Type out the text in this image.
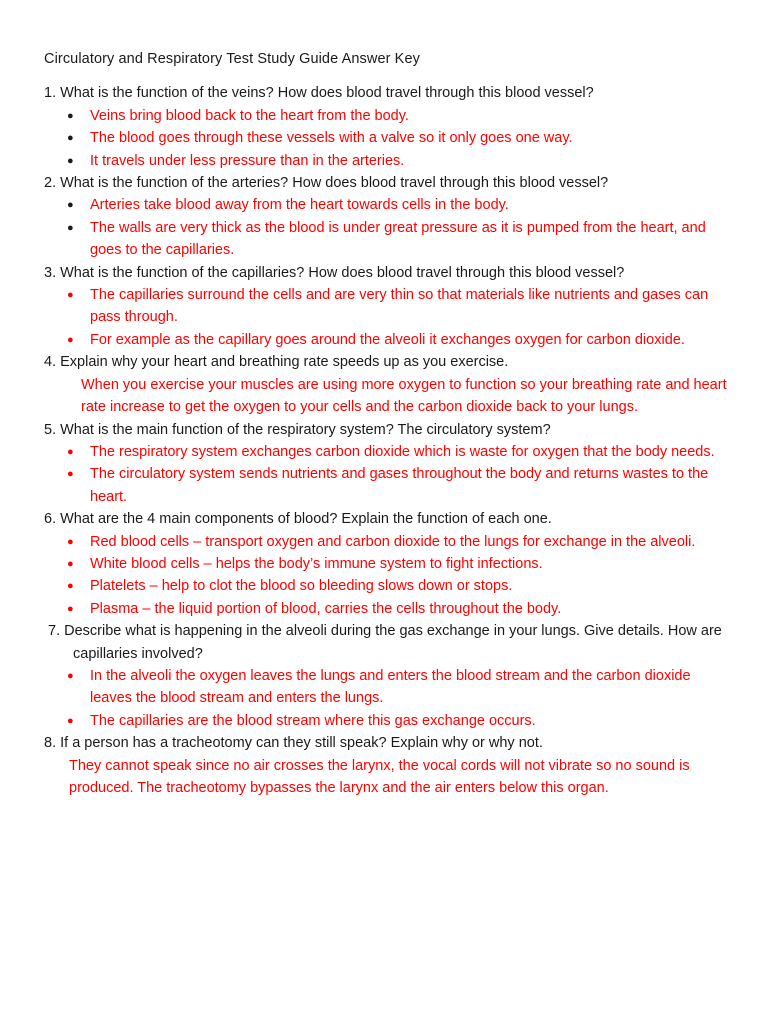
Circulatory and Respiratory Test Study Guide Answer Key

1. What is the function of the veins? How does blood travel through this blood vessel?

● Veins bring blood back to the heart from the body.
● The blood goes through these vessels with a valve so it only goes one way.
● It travels under less pressure than in the arteries.

2. What is the function of the arteries? How does blood travel through this blood vessel?

● Arteries take blood away from the heart towards cells in the body.
● The walls are very thick as the blood is under great pressure as it is pumped from the heart, and goes to the capillaries.

3. What is the function of the capillaries? How does blood travel through this blood vessel?

● The capillaries surround the cells and are very thin so that materials like nutrients and gases can pass through.
● For example as the capillary goes around the alveoli it exchanges oxygen for carbon dioxide.

4. Explain why your heart and breathing rate speeds up as you exercise.

When you exercise your muscles are using more oxygen to function so your breathing rate and heart rate increase to get the oxygen to your cells and the carbon dioxide back to your lungs.

5. What is the main function of the respiratory system? The circulatory system?

● The respiratory system exchanges carbon dioxide which is waste for oxygen that the body needs.
● The circulatory system sends nutrients and gases throughout the body and returns wastes to the heart.

6. What are the 4 main components of blood? Explain the function of each one.

● Red blood cells – transport oxygen and carbon dioxide to the lungs for exchange in the alveoli.
● White blood cells – helps the body’s immune system to fight infections.
● Platelets – help to clot the blood so bleeding slows down or stops.
● Plasma – the liquid portion of blood, carries the cells throughout the body.

7. Describe what is happening in the alveoli during the gas exchange in your lungs. Give details. How are capillaries involved?

● In the alveoli the oxygen leaves the lungs and enters the blood stream and the carbon dioxide leaves the blood stream and enters the lungs.
● The capillaries are the blood stream where this gas exchange occurs.

8. If a person has a tracheotomy can they still speak? Explain why or why not.

They cannot speak since no air crosses the larynx, the vocal cords will not vibrate so no sound is produced. The tracheotomy bypasses the larynx and the air enters below this organ.
